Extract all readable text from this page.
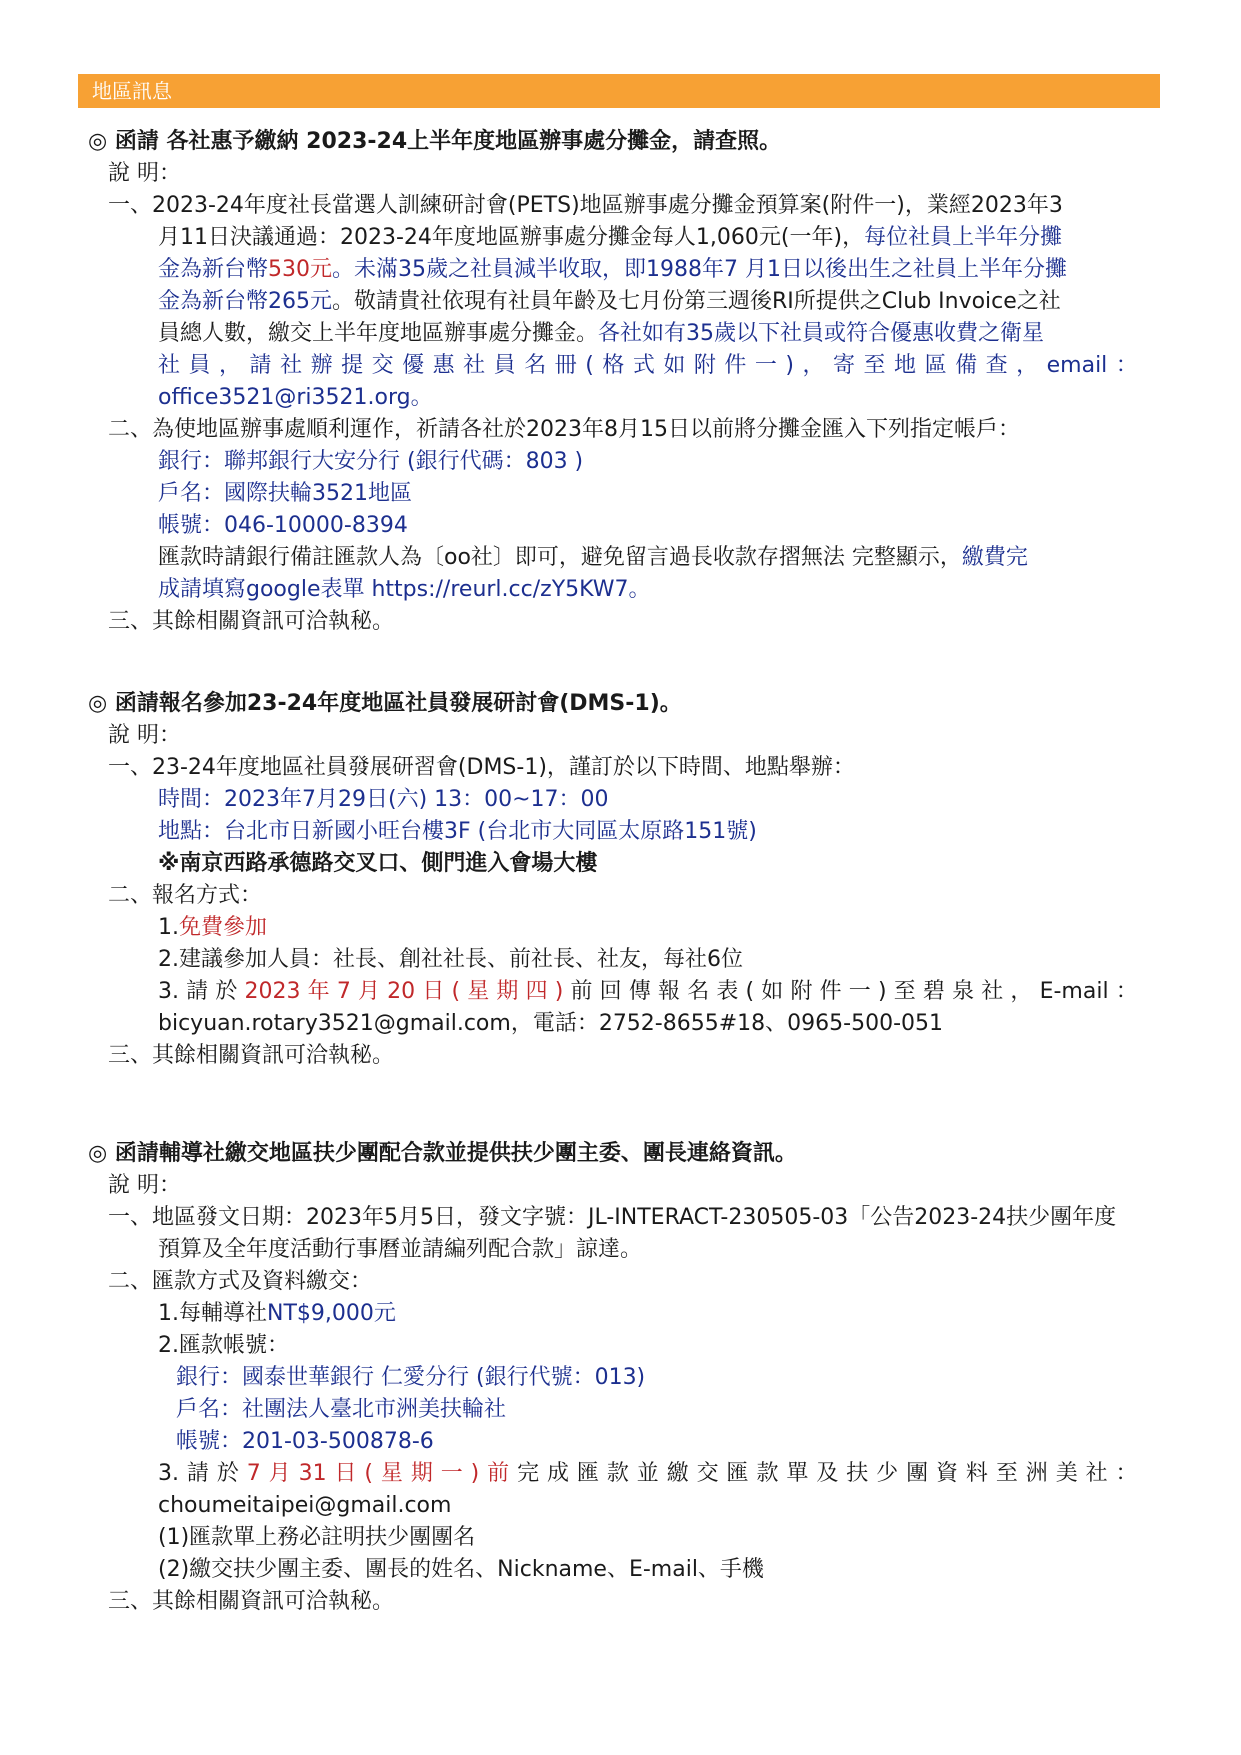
地區訊息
◎ 函請 各社惠予繳納 2023-24上半年度地區辦事處分攤金，請查照。
說 明：
一、2023-24年度社長當選人訓練研討會(PETS)地區辦事處分攤金預算案(附件一)，業經2023年3
月11日決議通過：2023-24年度地區辦事處分攤金每人1,060元(一年)，每位社員上半年分攤
金為新台幣530元。未滿35歲之社員減半收取，即1988年7 月1日以後出生之社員上半年分攤
金為新台幣265元。敬請貴社依現有社員年齡及七月份第三週後RI所提供之Club Invoice之社
員總人數，繳交上半年度地區辦事處分攤金。各社如有35歲以下社員或符合優惠收費之衛星
社 員 ， 請 社 辦 提 交 優 惠 社 員 名 冊 ( 格 式 如 附 件 一 ) ， 寄 至 地 區 備 查 ， email ：
office3521@ri3521.org。
二、為使地區辦事處順利運作，祈請各社於2023年8月15日以前將分攤金匯入下列指定帳戶：
銀行：聯邦銀行大安分行 (銀行代碼：803 )
戶名：國際扶輪3521地區
帳號：046-10000-8394
匯款時請銀行備註匯款人為〔oo社〕即可，避免留言過長收款存摺無法 完整顯示，繳費完
成請填寫google表單 https://reurl.cc/zY5KW7。
三、其餘相關資訊可洽執秘。
◎ 函請報名參加23-24年度地區社員發展研討會(DMS-1)。
說 明：
一、23-24年度地區社員發展研習會(DMS-1)，謹訂於以下時間、地點舉辦：
時間：2023年7月29日(六) 13：00~17：00
地點：台北市日新國小旺台樓3F (台北市大同區太原路151號)
※南京西路承德路交叉口、側門進入會場大樓
二、報名方式：
1.免費參加
2.建議參加人員：社長、創社社長、前社長、社友，每社6位
3. 請 於 2023 年 7 月 20 日 ( 星 期 四 ) 前 回 傳 報 名 表 ( 如 附 件 一 ) 至 碧 泉 社 ， E-mail ：
bicyuan.rotary3521@gmail.com，電話：2752-8655#18、0965-500-051
三、其餘相關資訊可洽執秘。
◎ 函請輔導社繳交地區扶少團配合款並提供扶少團主委、團長連絡資訊。
說 明：
一、地區發文日期：2023年5月5日，發文字號：JL-INTERACT-230505-03「公告2023-24扶少團年度
預算及全年度活動行事曆並請編列配合款」諒達。
二、匯款方式及資料繳交：
1.每輔導社NT$9,000元
2.匯款帳號：
銀行：國泰世華銀行 仁愛分行 (銀行代號：013)
戶名：社團法人臺北市洲美扶輪社
帳號：201-03-500878-6
3. 請 於 7 月 31 日 ( 星 期 一 ) 前 完 成 匯 款 並 繳 交 匯 款 單 及 扶 少 團 資 料 至 洲 美 社 ：
choumeitaipei@gmail.com
(1)匯款單上務必註明扶少團團名
(2)繳交扶少團主委、團長的姓名、Nickname、E-mail、手機
三、其餘相關資訊可洽執秘。
